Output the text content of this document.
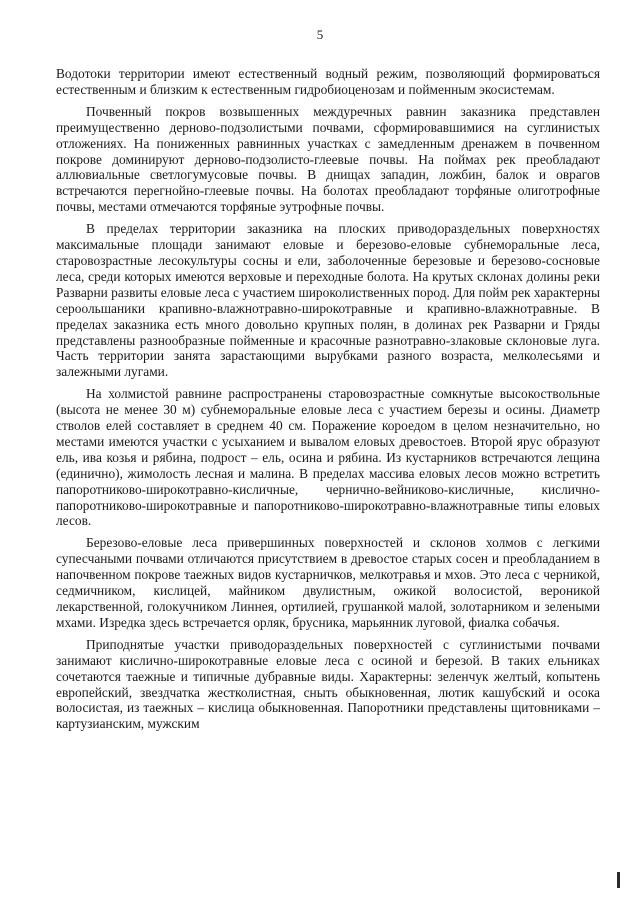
5

Водотоки территории имеют естественный водный режим, позволяющий формироваться естественным и близким к естественным гидробиоценозам и пойменным экосистемам.

Почвенный покров возвышенных междуречных равнин заказника представлен преимущественно дерново-подзолистыми почвами, сформировавшимися на суглинистых отложениях. На пониженных равнинных участках с замедленным дренажем в почвенном покрове доминируют дерново-подзолисто-глеевые почвы. На поймах рек преобладают аллювиальные светлогумусовые почвы. В днищах западин, ложбин, балок и оврагов встречаются перегнойно-глеевые почвы. На болотах преобладают торфяные олиготрофные почвы, местами отмечаются торфяные эутрофные почвы.

В пределах территории заказника на плоских приводораздельных поверхностях максимальные площади занимают еловые и березово-еловые субнеморальные леса, старовозрастные лесокультуры сосны и ели, заболоченные березовые и березово-сосновые леса, среди которых имеются верховые и переходные болота. На крутых склонах долины реки Разварни развиты еловые леса с участием широколиственных пород. Для пойм рек характерны сероольшаники крапивно-влажнотравно-широкотравные и крапивно-влажнотравные. В пределах заказника есть много довольно крупных полян, в долинах рек Разварни и Гряды представлены разнообразные пойменные и красочные разнотравно-злаковые склоновые луга. Часть территории занята зарастающими вырубками разного возраста, мелколесьями и залежными лугами.

На холмистой равнине распространены старовозрастные сомкнутые высокоствольные (высота не менее 30 м) субнеморальные еловые леса с участием березы и осины. Диаметр стволов елей составляет в среднем 40 см. Поражение короедом в целом незначительно, но местами имеются участки с усыханием и вывалом еловых древостоев. Второй ярус образуют ель, ива козья и рябина, подрост – ель, осина и рябина. Из кустарников встречаются лещина (единично), жимолость лесная и малина. В пределах массива еловых лесов можно встретить папоротниково-широкотравно-кисличные, чернично-вейниково-кисличные, кислично-папоротниково-широкотравные и папоротниково-широкотравно-влажнотравные типы еловых лесов.

Березово-еловые леса привершинных поверхностей и склонов холмов с легкими супесчаными почвами отличаются присутствием в древостое старых сосен и преобладанием в напочвенном покрове таежных видов кустарничков, мелкотравья и мхов. Это леса с черникой, седмичником, кислицей, майником двулистным, ожикой волосистой, вероникой лекарственной, голокучником Линнея, ортилией, грушанкой малой, золотарником и зелеными мхами. Изредка здесь встречается орляк, брусника, марьянник луговой, фиалка собачья.

Приподнятые участки приводораздельных поверхностей с суглинистыми почвами занимают кислично-широкотравные еловые леса с осиной и березой. В таких ельниках сочетаются таежные и типичные дубравные виды. Характерны: зеленчук желтый, копытень европейский, звездчатка жестколистная, сныть обыкновенная, лютик кашубский и осока волосистая, из таежных – кислица обыкновенная. Папоротники представлены щитовниками – картузианским, мужским
